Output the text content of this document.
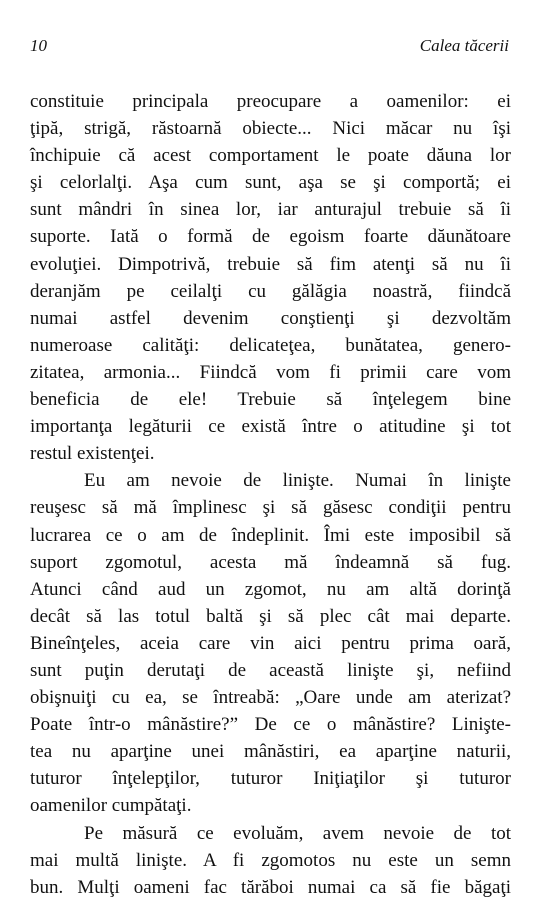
10	Calea tăcerii
constituie principala preocupare a oamenilor: ei
ţipă, strigă, răstoarnă obiecte... Nici măcar nu îşi
închipuie că acest comportament le poate dăuna lor
şi celorlalţi. Aşa cum sunt, aşa se şi comportă; ei
sunt mândri în sinea lor, iar anturajul trebuie să îi
suporte. Iată o formă de egoism foarte dăunătoare
evoluţiei. Dimpotrivă, trebuie să fim atenţi să nu îi
deranjăm pe ceilalţi cu gălăgia noastră, fiindcă
numai astfel devenim conştienţi şi dezvoltăm
numeroase calităţi: delicateţea, bunătatea, genero-
zitatea, armonia... Fiindcă vom fi primii care vom
beneficia de ele! Trebuie să înţelegem bine
importanţa legăturii ce există între o atitudine şi tot
restul existenţei.
Eu am nevoie de linişte. Numai în linişte
reuşesc să mă împlinesc şi să găsesc condiţii pentru
lucrarea ce o am de îndeplinit. Îmi este imposibil să
suport zgomotul, acesta mă îndeamnă să fug.
Atunci când aud un zgomot, nu am altă dorinţă
decât să las totul baltă şi să plec cât mai departe.
Bineînţeles, aceia care vin aici pentru prima oară,
sunt puţin derutaţi de această linişte şi, nefiind
obişnuiţi cu ea, se întreabă: „Oare unde am aterizat?
Poate într-o mânăstire?” De ce o mânăstire? Linişte-
tea nu aparţine unei mânăstiri, ea aparţine naturii,
tuturor înţelepţilor, tuturor Iniţiaţilor şi tuturor
oamenilor cumpătaţi.
Pe măsură ce evoluăm, avem nevoie de tot
mai multă linişte. A fi zgomotos nu este un semn
bun. Mulţi oameni fac tărăboi numai ca să fie băgaţi
